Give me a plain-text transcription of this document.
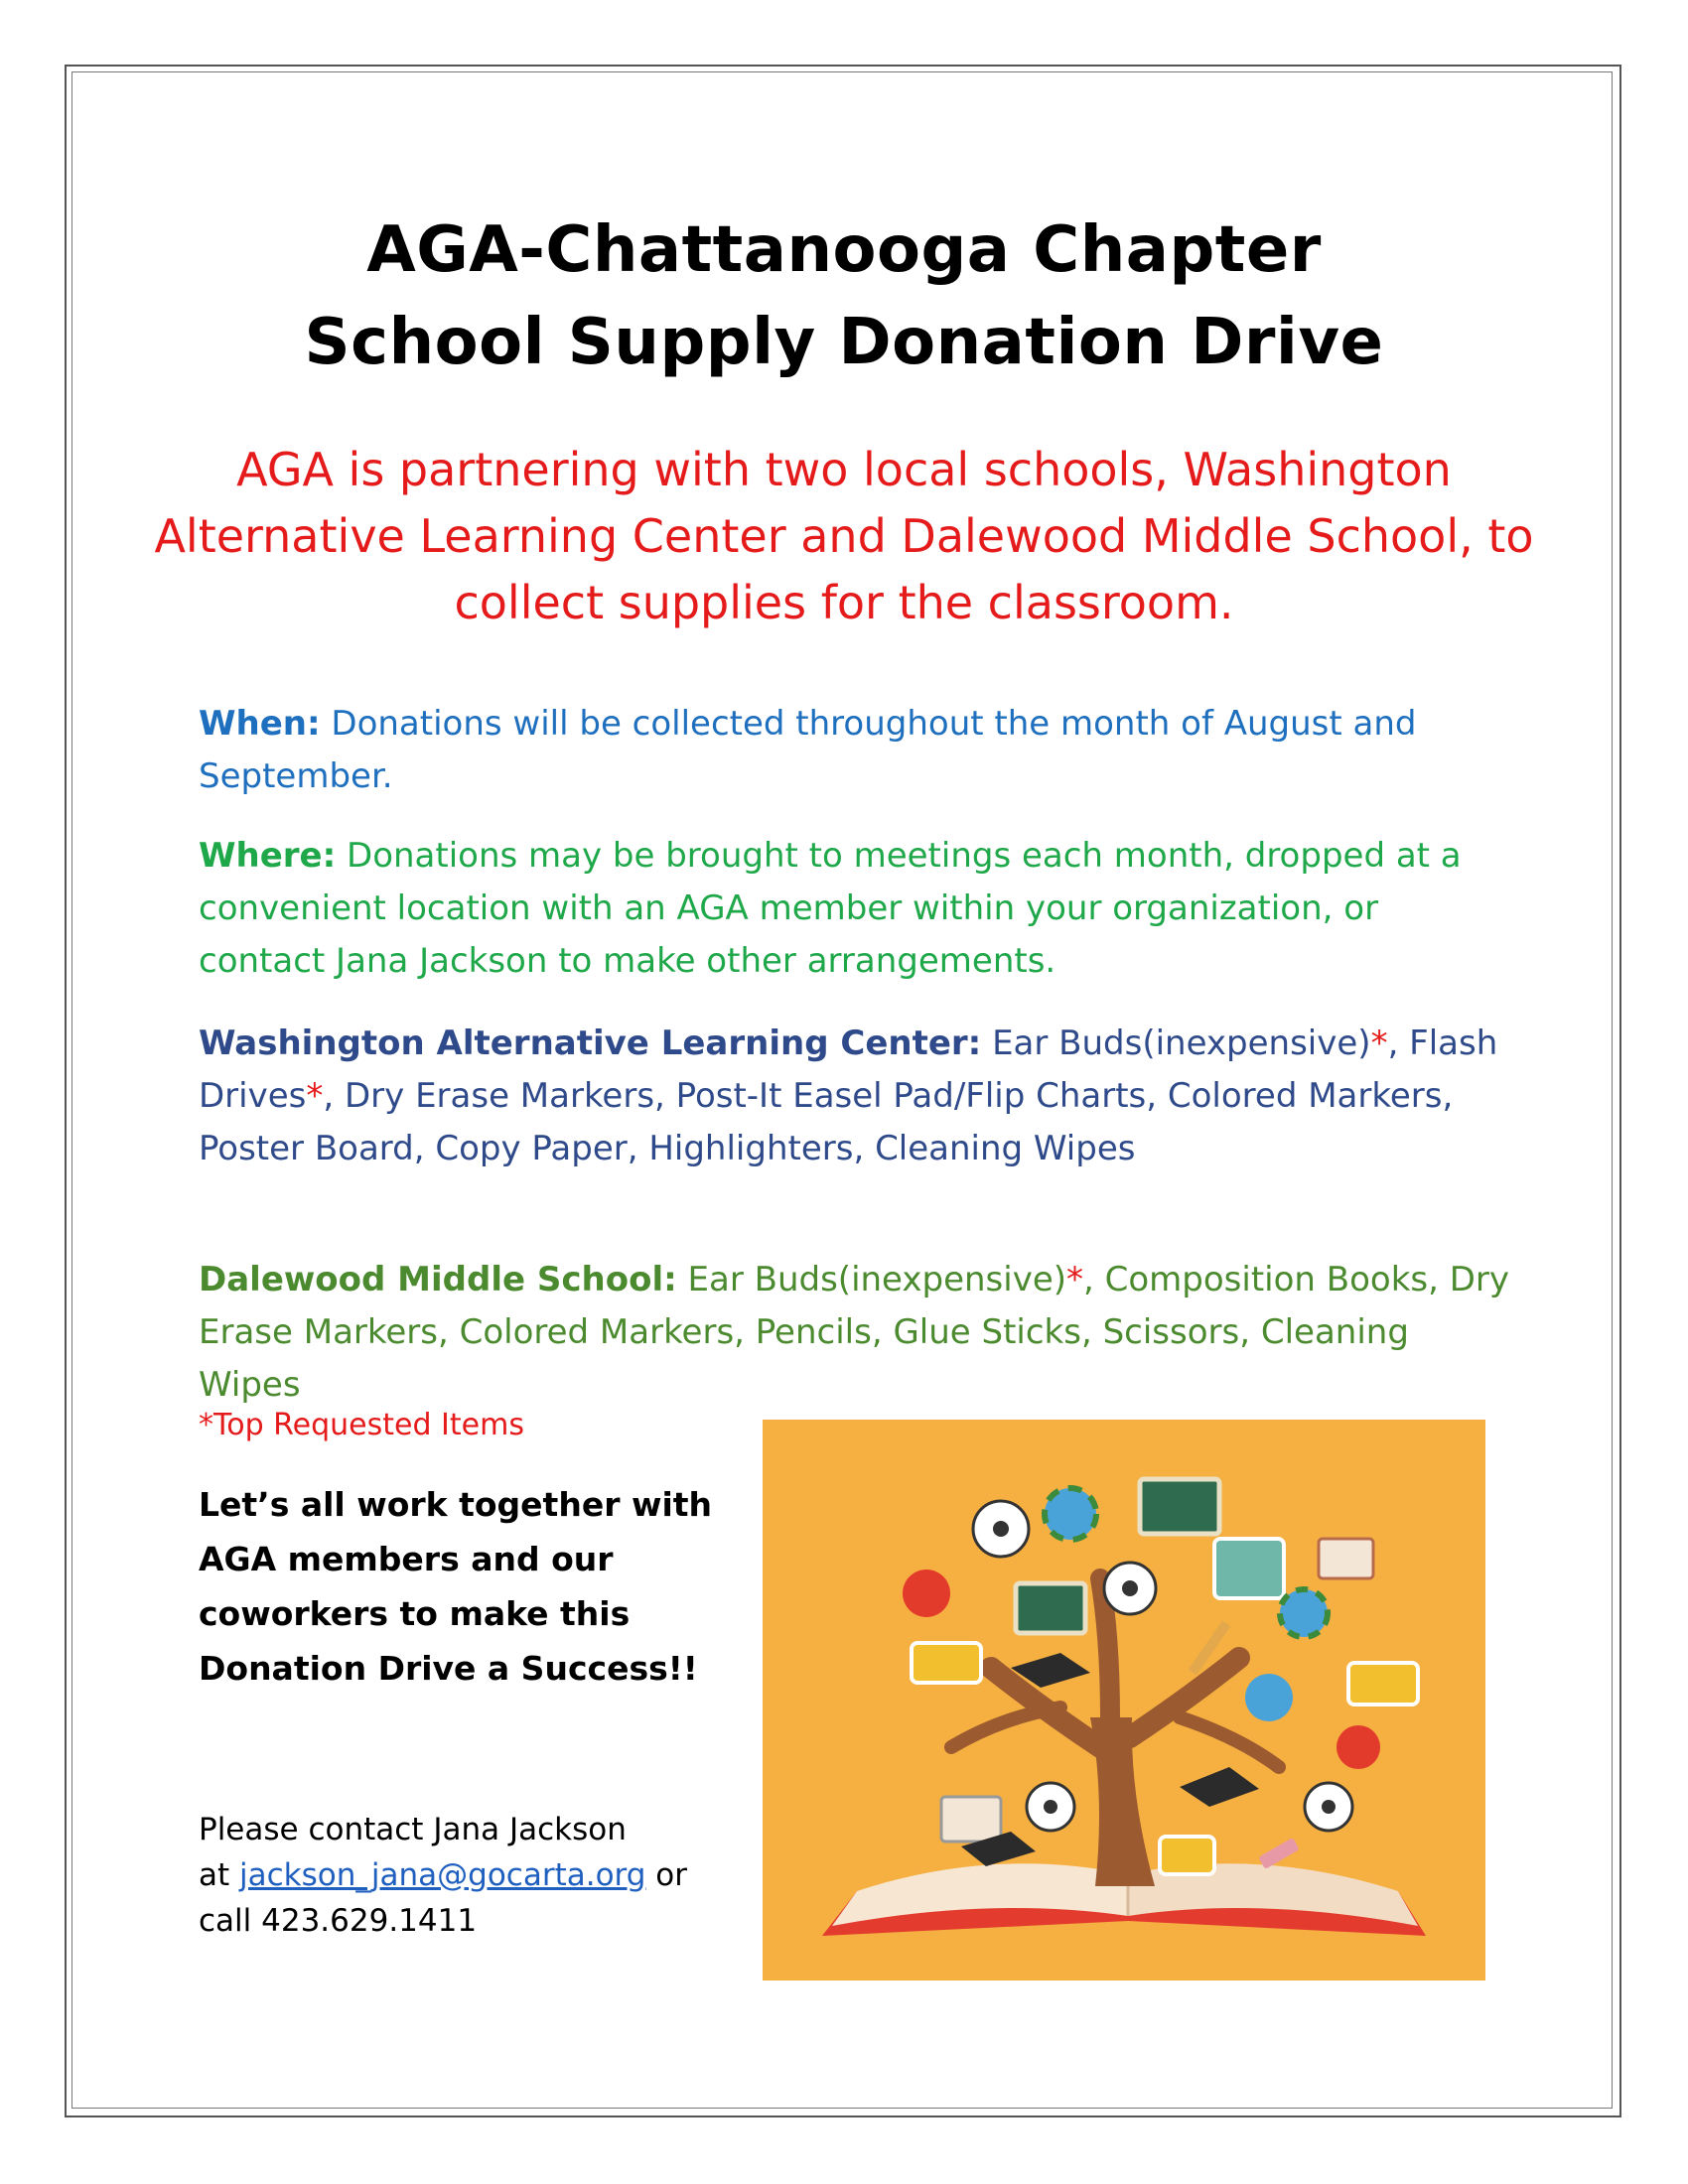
AGA-Chattanooga Chapter
School Supply Donation Drive
AGA is partnering with two local schools, Washington Alternative Learning Center and Dalewood Middle School, to collect supplies for the classroom.
When: Donations will be collected throughout the month of August and September.
Where: Donations may be brought to meetings each month, dropped at a convenient location with an AGA member within your organization, or contact Jana Jackson to make other arrangements.
Washington Alternative Learning Center: Ear Buds(inexpensive)*, Flash Drives*, Dry Erase Markers, Post-It Easel Pad/Flip Charts, Colored Markers, Poster Board, Copy Paper, Highlighters, Cleaning Wipes
Dalewood Middle School: Ear Buds(inexpensive)*, Composition Books, Dry Erase Markers, Colored Markers, Pencils, Glue Sticks, Scissors, Cleaning Wipes
*Top Requested Items
Let’s all work together with AGA members and our coworkers to make this Donation Drive a Success!!
Please contact Jana Jackson
at jackson_jana@gocarta.org or
call 423.629.1411
